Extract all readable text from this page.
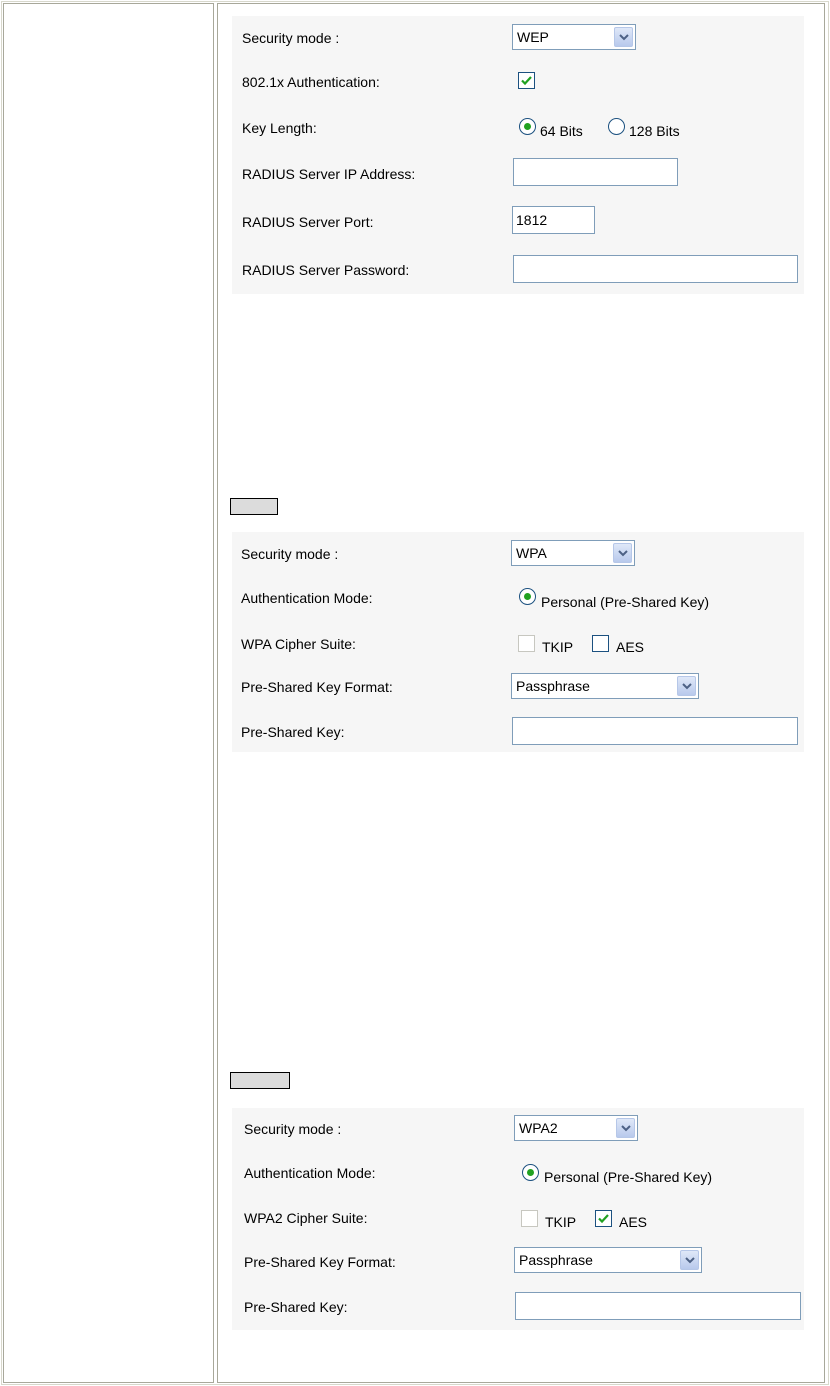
Security mode :	WEP
802.1x Authentication:
Key Length:	64 Bits	128 Bits
RADIUS Server IP Address:
RADIUS Server Port:	1812
RADIUS Server Password:
Security mode :	WPA
Authentication Mode:	Personal (Pre-Shared Key)
WPA Cipher Suite:	TKIP	AES
Pre-Shared Key Format:	Passphrase
Pre-Shared Key:
Security mode :	WPA2
Authentication Mode:	Personal (Pre-Shared Key)
WPA2 Cipher Suite:	TKIP	AES
Pre-Shared Key Format:	Passphrase
Pre-Shared Key:
